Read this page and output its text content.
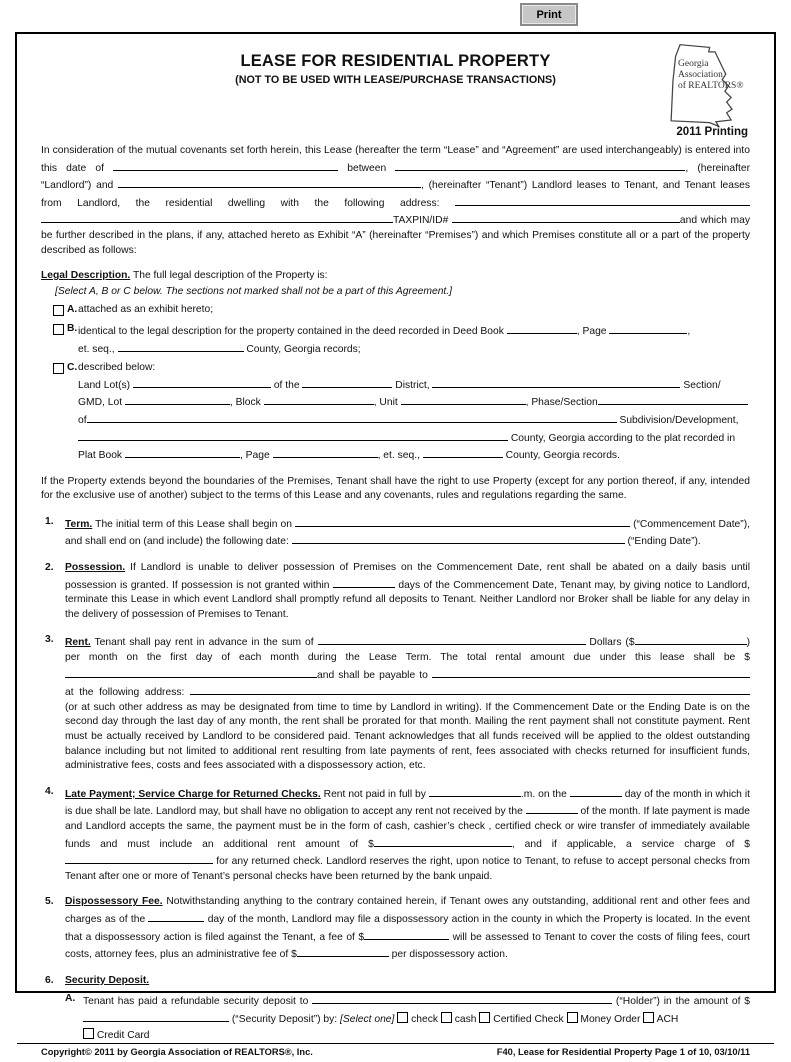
Print
LEASE FOR RESIDENTIAL PROPERTY
(NOT TO BE USED WITH LEASE/PURCHASE TRANSACTIONS)
Georgia
Association
of REALTORS®
2011 Printing
In consideration of the mutual covenants set forth herein, this Lease (hereafter the term “Lease” and “Agreement” are used interchangeably) is entered into this date of	between	, (hereinafter “Landlord”) and	, (hereinafter “Tenant”) Landlord leases to Tenant, and Tenant leases from Landlord, the residential dwelling with the following address:  TAXPIN/ID#	and which may be further described in the plans, if any, attached hereto as Exhibit “A” (hereinafter “Premises”) and which Premises constitute all or a part of the property described as follows:
Legal Description. The full legal description of the Property is:
[Select A, B or C below. The sections not marked shall not be a part of this Agreement.]
A. attached as an exhibit hereto;
B. identical to the legal description for the property contained in the deed recorded in Deed Book	, Page	,
et. seq.,	County, Georgia records;
C. described below:
Land Lot(s)	of the	District,	Section/
GMD, Lot	, Block	, Unit	, Phase/Section
of	Subdivision/Development,
County, Georgia according to the plat recorded in
Plat Book	, Page	, et. seq.,	County, Georgia records.
If the Property extends beyond the boundaries of the Premises, Tenant shall have the right to use Property (except for any portion thereof, if any, intended for the exclusive use of another) subject to the terms of this Lease and any covenants, rules and regulations regarding the same.
1. Term. The initial term of this Lease shall begin on	(“Commencement Date”), and shall end on (and include) the following date:	(“Ending Date”).
2. Possession. If Landlord is unable to deliver possession of Premises on the Commencement Date, rent shall be abated on a daily basis until possession is granted. If possession is not granted within	days of the Commencement Date, Tenant may, by giving notice to Landlord, terminate this Lease in which event Landlord shall promptly refund all deposits to Tenant. Neither Landlord nor Broker shall be liable for any delay in the delivery of possession of Premises to Tenant.
3. Rent. Tenant shall pay rent in advance in the sum of	Dollars ($	) per month on the first day of each month during the Lease Term. The total rental amount due under this lease shall be $and shall be payable to  at the following address:  (or at such other address as may be designated from time to time by Landlord in writing). If the Commencement Date or the Ending Date is on the second day through the last day of any month, the rent shall be prorated for that month. Mailing the rent payment shall not constitute payment. Rent must be actually received by Landlord to be considered paid. Tenant acknowledges that all funds received will be applied to the oldest outstanding balance including but not limited to additional rent resulting from late payments of rent, fees associated with checks returned for insufficient funds, administrative fees, costs and fees associated with a dispossessory action, etc.
4. Late Payment; Service Charge for Returned Checks. Rent not paid in full by	.m. on the	day of the month in which it is due shall be late. Landlord may, but shall have no obligation to accept any rent not received by the	of the month. If late payment is made and Landlord accepts the same, the payment must be in the form of cash, cashier’s check , certified check or wire transfer of immediately available funds and must include an additional rent amount of $	, and if applicable, a service charge of $ for any returned check. Landlord reserves the right, upon notice to Tenant, to refuse to accept personal checks from Tenant after one or more of Tenant’s personal checks have been returned by the bank unpaid.
5. Dispossessory Fee. Notwithstanding anything to the contrary contained herein, if Tenant owes any outstanding, additional rent and other fees and charges as of the	day of the month, Landlord may file a dispossessory action in the county in which the Property is located. In the event that a dispossessory action is filed against the Tenant, a fee of $	will be assessed to Tenant to cover the costs of filing fees, court costs, attorney fees, plus an administrative fee of $	per dispossessory action.
6. Security Deposit.
A. Tenant has paid a refundable security deposit to	(“Holder”) in the amount of $ (“Security Deposit”) by: [Select one]  check  cash  Certified Check  Money Order  ACH
Credit Card
Copyright© 2011 by Georgia Association of REALTORS®, Inc.	F40, Lease for Residential Property Page 1 of 10, 03/10/11
